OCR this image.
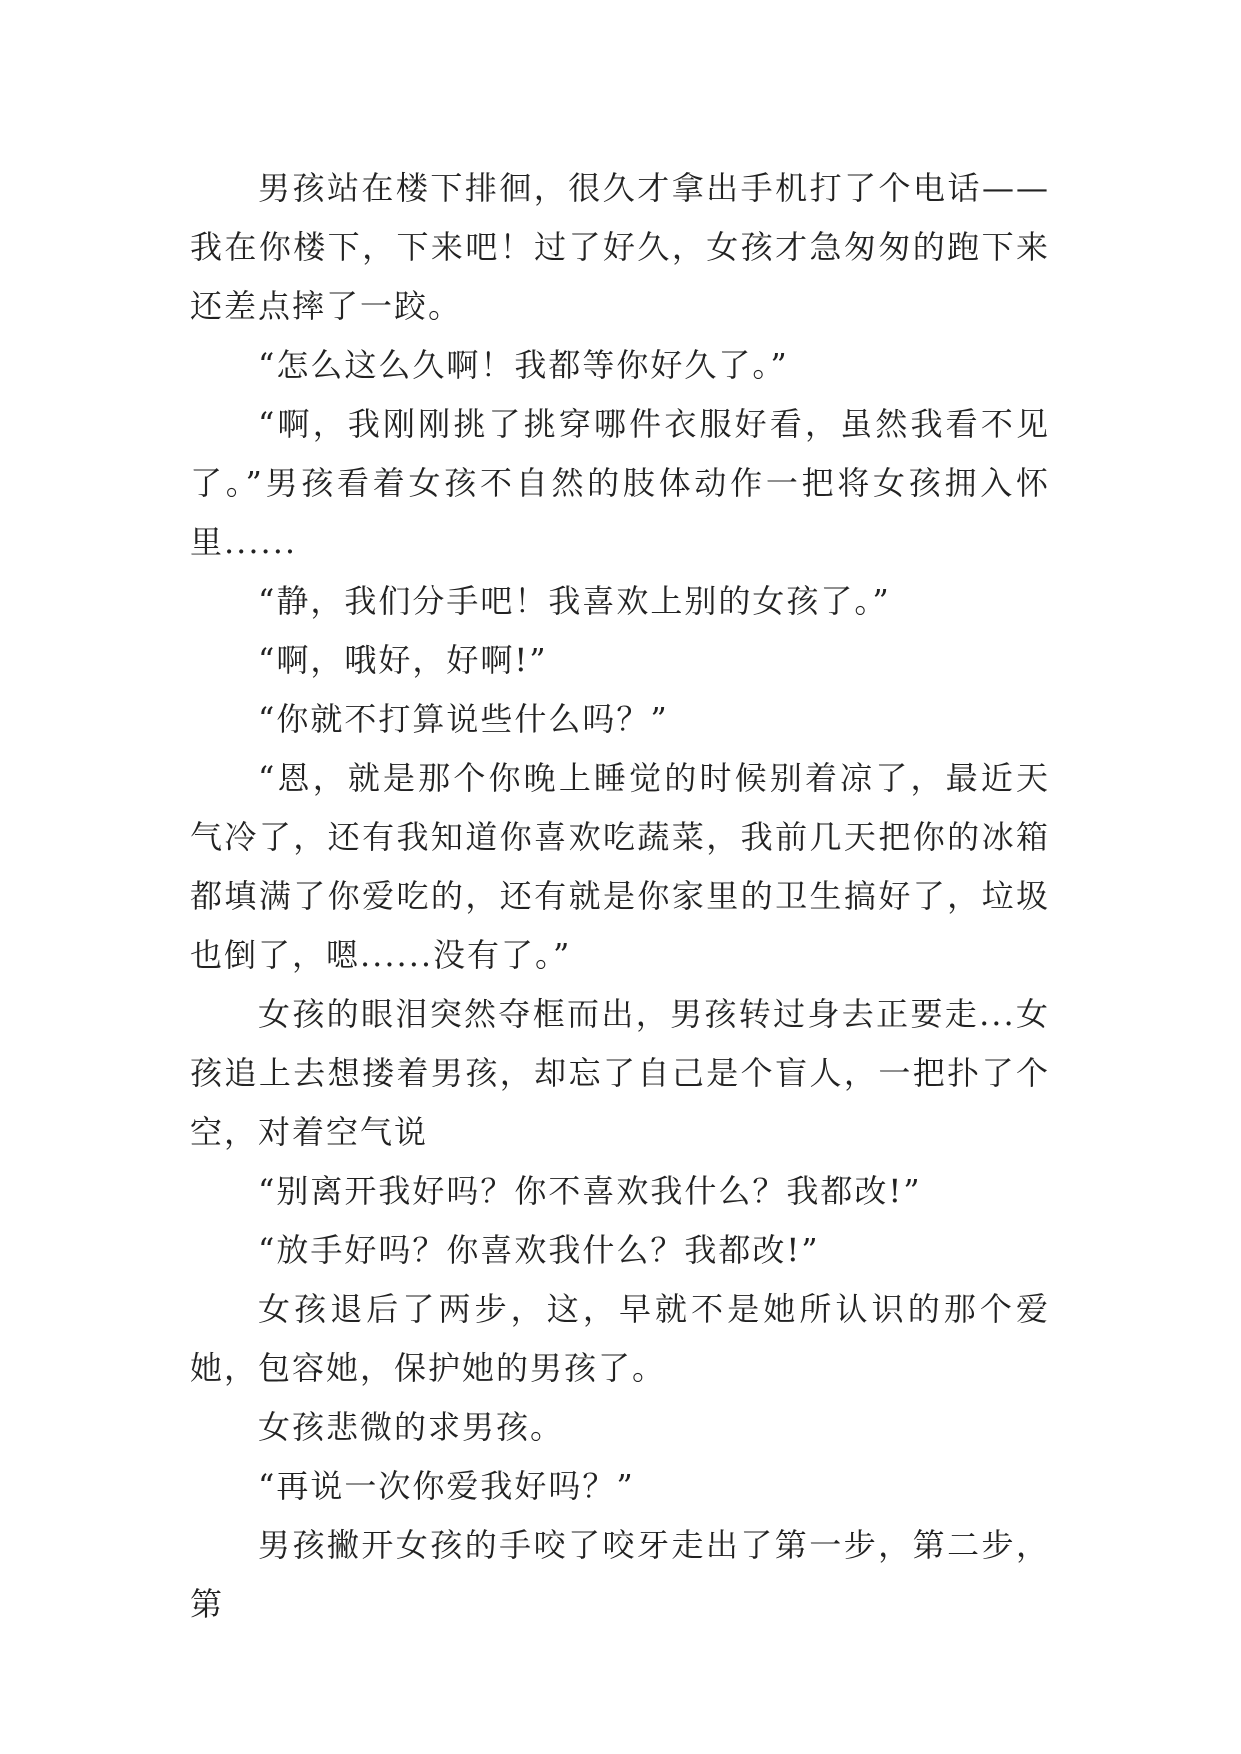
男孩站在楼下排徊，很久才拿出手机打了个电话——我在你楼下，下来吧！过了好久，女孩才急匆匆的跑下来还差点摔了一跤。

“怎么这么久啊！我都等你好久了。”

“啊，我刚刚挑了挑穿哪件衣服好看，虽然我看不见了。”男孩看着女孩不自然的肢体动作一把将女孩拥入怀里......

“静，我们分手吧！我喜欢上别的女孩了。”

“啊，哦好，好啊!”

“你就不打算说些什么吗？”

“恩，就是那个你晚上睡觉的时候别着凉了，最近天气冷了，还有我知道你喜欢吃蔬菜，我前几天把你的冰箱都填满了你爱吃的，还有就是你家里的卫生搞好了，垃圾也倒了，嗯......没有了。”

女孩的眼泪突然夺框而出，男孩转过身去正要走...女孩追上去想搂着男孩，却忘了自己是个盲人，一把扑了个空，对着空气说

“别离开我好吗？你不喜欢我什么？我都改!”

“放手好吗？你喜欢我什么？我都改!”

女孩退后了两步，这，早就不是她所认识的那个爱她，包容她，保护她的男孩了。

女孩悲微的求男孩。

“再说一次你爱我好吗？”

男孩撇开女孩的手咬了咬牙走出了第一步，第二步，第
